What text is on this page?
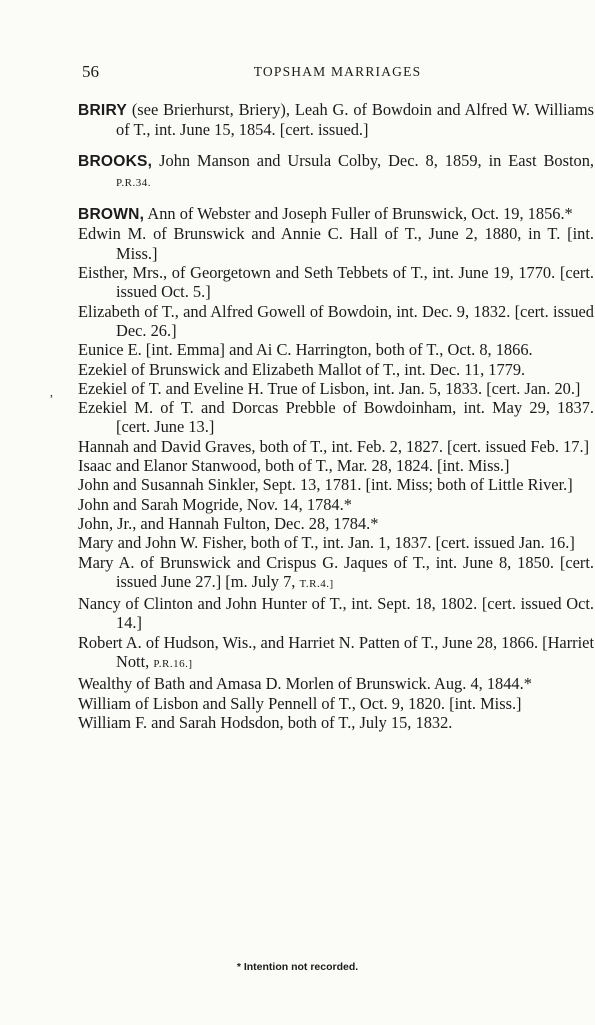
56	TOPSHAM MARRIAGES
,

BRIRY (see Brierhurst, Briery), Leah G. of Bowdoin and Alfred W. Williams of T., int. June 15, 1854. [cert. issued.]

BROOKS, John Manson and Ursula Colby, Dec. 8, 1859, in East Boston, P.R.34.

BROWN, Ann of Webster and Joseph Fuller of Brunswick, Oct. 19, 1856.*

Edwin M. of Brunswick and Annie C. Hall of T., June 2, 1880, in T. [int. Miss.]

Eisther, Mrs., of Georgetown and Seth Tebbets of T., int. June 19, 1770. [cert. issued Oct. 5.]

Elizabeth of T., and Alfred Gowell of Bowdoin, int. Dec. 9, 1832. [cert. issued Dec. 26.]

Eunice E. [int. Emma] and Ai C. Harrington, both of T., Oct. 8, 1866.

Ezekiel of Brunswick and Elizabeth Mallot of T., int. Dec. 11, 1779.

Ezekiel of T. and Eveline H. True of Lisbon, int. Jan. 5, 1833. [cert. Jan. 20.]

Ezekiel M. of T. and Dorcas Prebble of Bowdoinham, int. May 29, 1837. [cert. June 13.]

Hannah and David Graves, both of T., int. Feb. 2, 1827. [cert. issued Feb. 17.]

Isaac and Elanor Stanwood, both of T., Mar. 28, 1824. [int. Miss.]

John and Susannah Sinkler, Sept. 13, 1781. [int. Miss; both of Little River.]

John and Sarah Mogride, Nov. 14, 1784.*

John, Jr., and Hannah Fulton, Dec. 28, 1784.*

Mary and John W. Fisher, both of T., int. Jan. 1, 1837. [cert. issued Jan. 16.]

Mary A. of Brunswick and Crispus G. Jaques of T., int. June 8, 1850. [cert. issued June 27.] [m. July 7, T.R.4.]

Nancy of Clinton and John Hunter of T., int. Sept. 18, 1802. [cert. issued Oct. 14.]

Robert A. of Hudson, Wis., and Harriet N. Patten of T., June 28, 1866. [Harriet Nott, P.R.16.]

Wealthy of Bath and Amasa D. Morlen of Brunswick. Aug. 4, 1844.*

William of Lisbon and Sally Pennell of T., Oct. 9, 1820. [int. Miss.]

William F. and Sarah Hodsdon, both of T., July 15, 1832.

* Intention not recorded.
